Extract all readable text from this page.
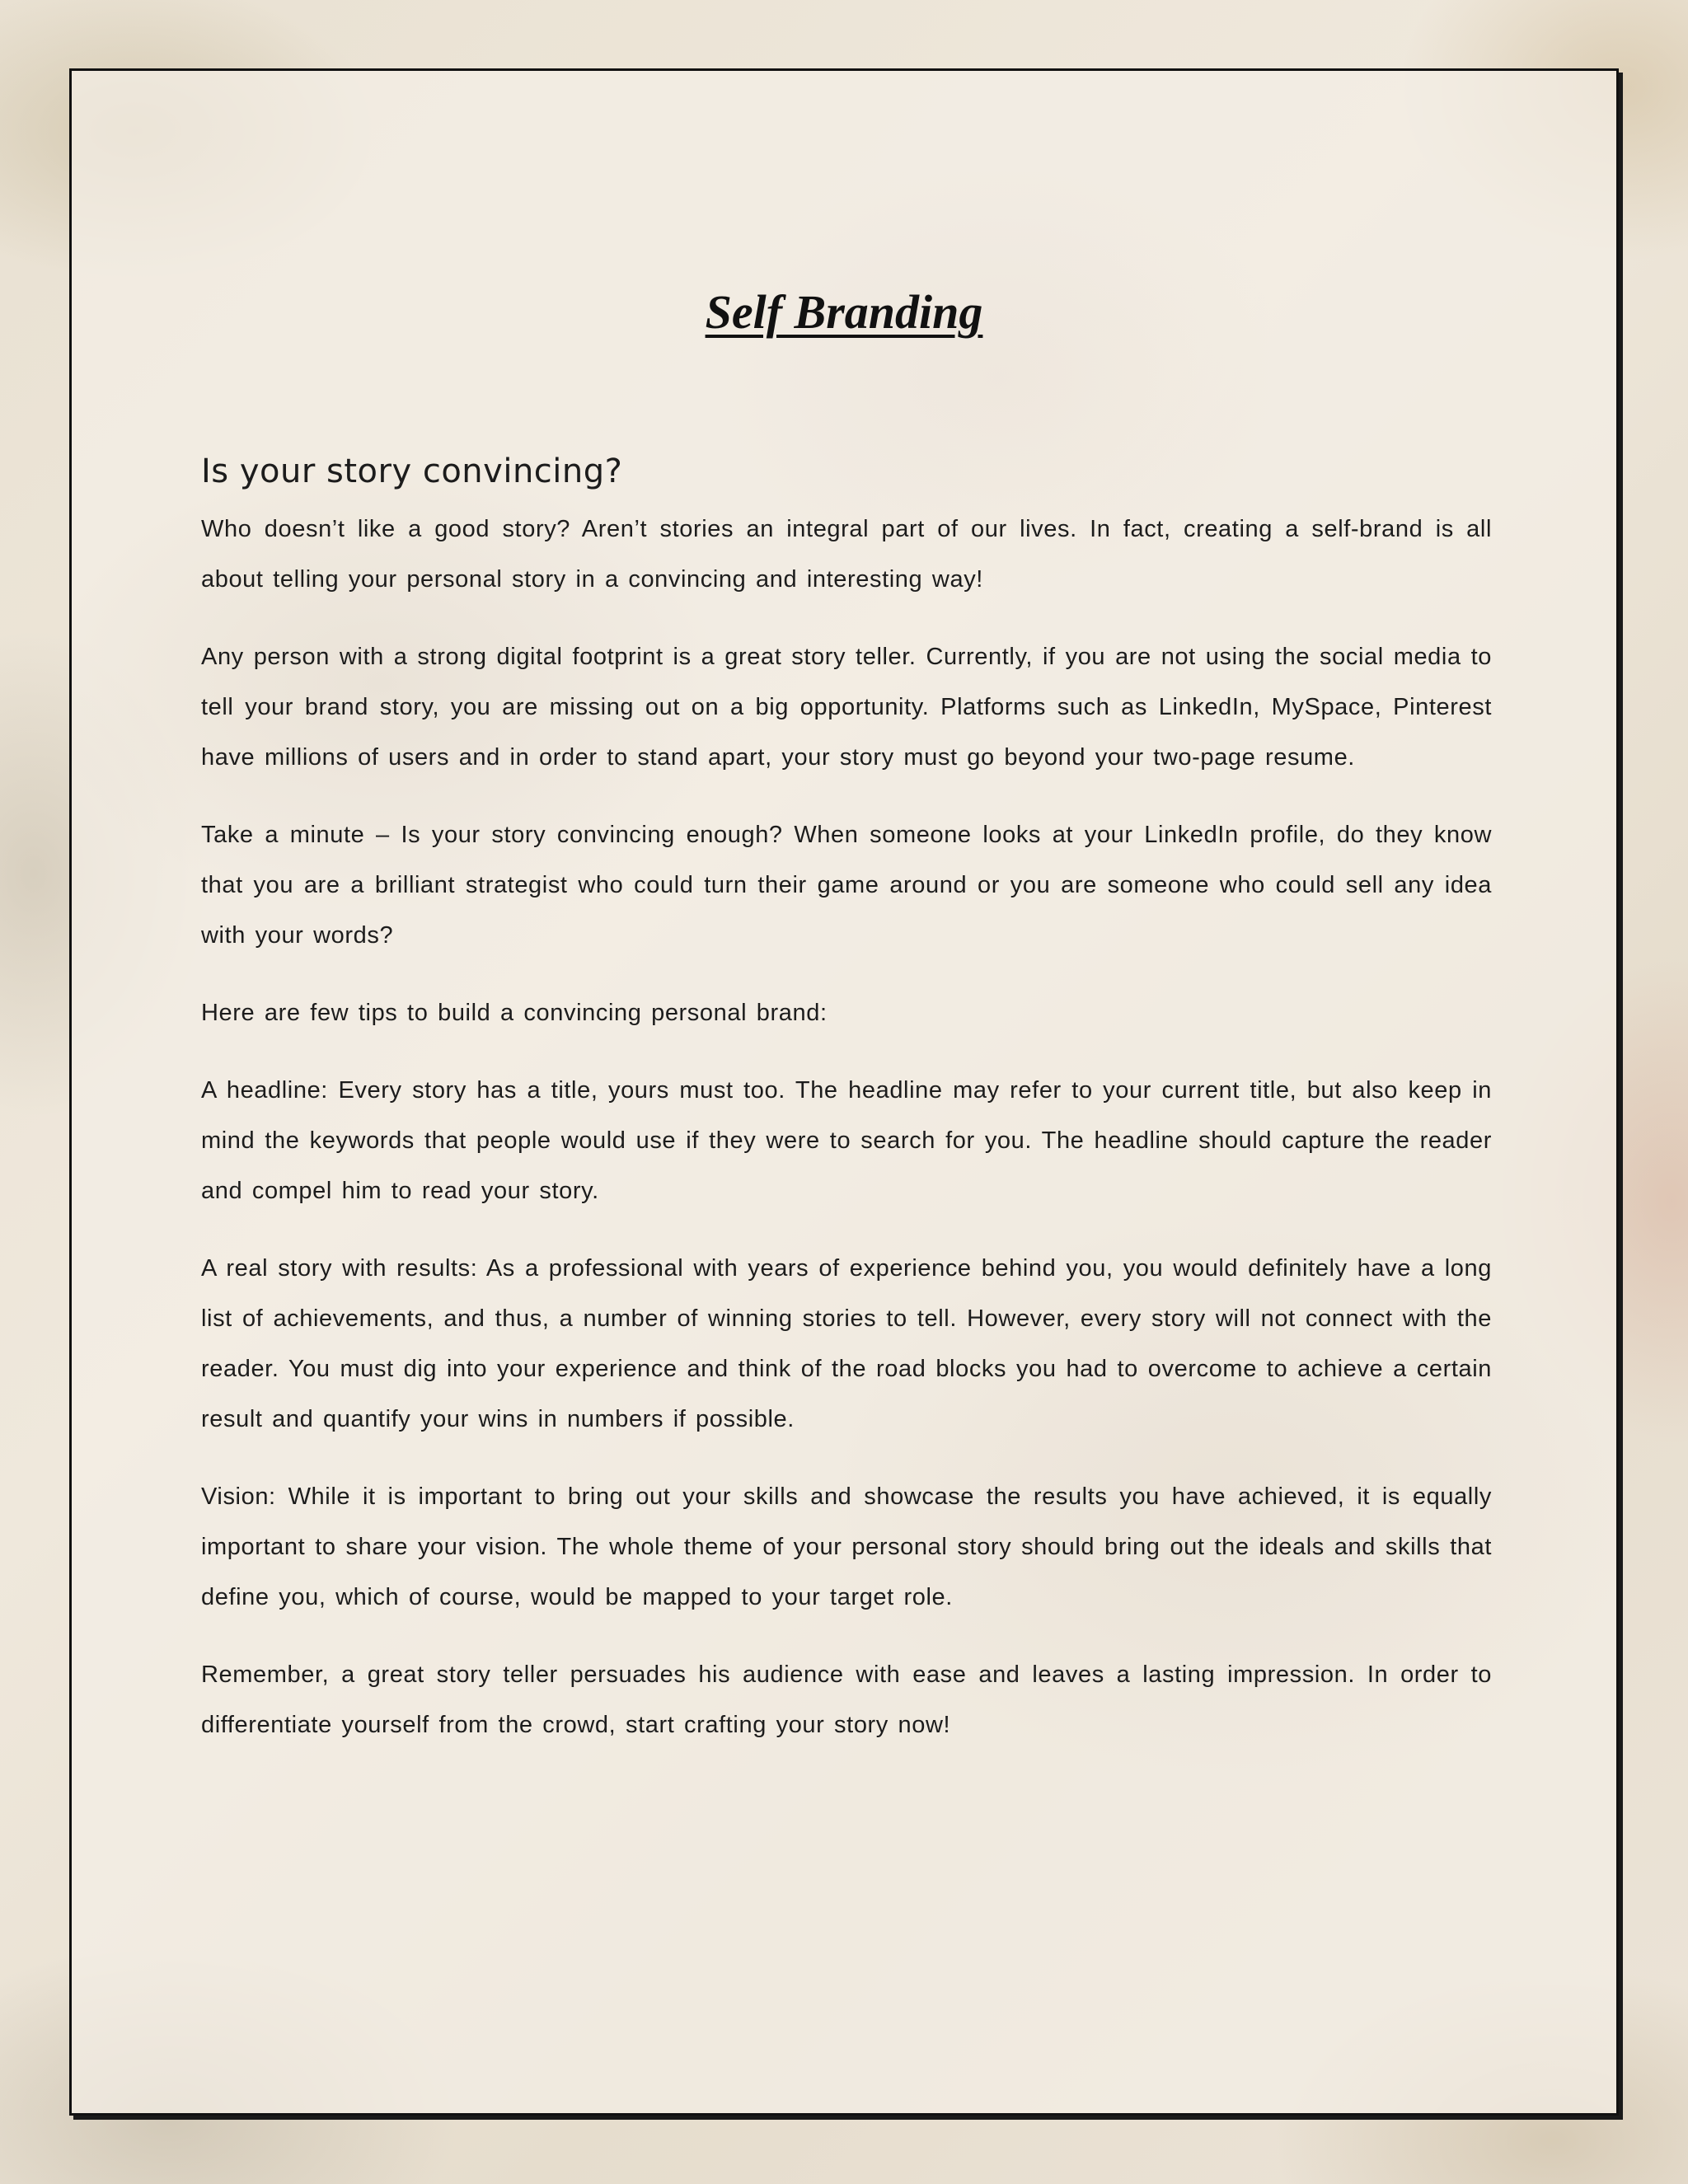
Self Branding
Is your story convincing?

Who doesn’t like a good story? Aren’t stories an integral part of our lives. In fact, creating a self-brand is all about telling your personal story in a convincing and interesting way!

Any person with a strong digital footprint is a great story teller. Currently, if you are not using the social media to tell your brand story, you are missing out on a big opportunity. Platforms such as LinkedIn, MySpace, Pinterest have millions of users and in order to stand apart, your story must go beyond your two-page resume.

Take a minute – Is your story convincing enough? When someone looks at your LinkedIn profile, do they know that you are a brilliant strategist who could turn their game around or you are someone who could sell any idea with your words?

Here are few tips to build a convincing personal brand:

A headline: Every story has a title, yours must too. The headline may refer to your current title, but also keep in mind the keywords that people would use if they were to search for you. The headline should capture the reader and compel him to read your story.

A real story with results: As a professional with years of experience behind you, you would definitely have a long list of achievements, and thus, a number of winning stories to tell. However, every story will not connect with the reader. You must dig into your experience and think of the road blocks you had to overcome to achieve a certain result and quantify your wins in numbers if possible.

Vision: While it is important to bring out your skills and showcase the results you have achieved, it is equally important to share your vision. The whole theme of your personal story should bring out the ideals and skills that define you, which of course, would be mapped to your target role.

Remember, a great story teller persuades his audience with ease and leaves a lasting impression. In order to differentiate yourself from the crowd, start crafting your story now!
